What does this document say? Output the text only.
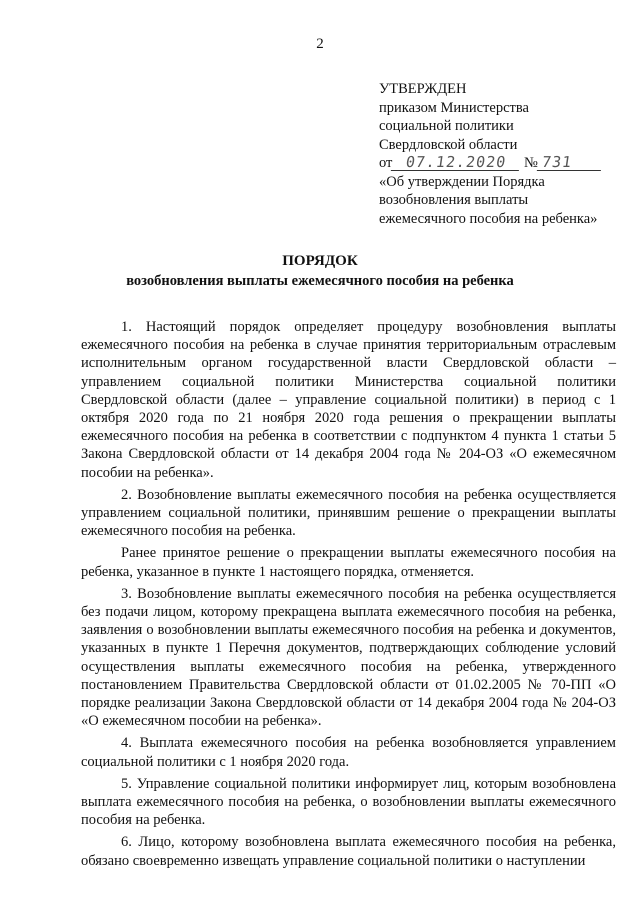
2
УТВЕРЖДЕН
приказом Министерства
социальной политики
Свердловской области
от 07.12.2020 № 731
«Об утверждении Порядка
возобновления выплаты
ежемесячного пособия на ребенка»
ПОРЯДОК
возобновления выплаты ежемесячного пособия на ребенка

1. Настоящий порядок определяет процедуру возобновления выплаты ежемесячного пособия на ребенка в случае принятия территориальным отраслевым исполнительным органом государственной власти Свердловской области – управлением социальной политики Министерства социальной политики Свердловской области (далее – управление социальной политики) в период с 1 октября 2020 года по 21 ноября 2020 года решения о прекращении выплаты ежемесячного пособия на ребенка в соответствии с подпунктом 4 пункта 1 статьи 5 Закона Свердловской области от 14 декабря 2004 года № 204-ОЗ «О ежемесячном пособии на ребенка».

2. Возобновление выплаты ежемесячного пособия на ребенка осуществляется управлением социальной политики, принявшим решение о прекращении выплаты ежемесячного пособия на ребенка.

Ранее принятое решение о прекращении выплаты ежемесячного пособия на ребенка, указанное в пункте 1 настоящего порядка, отменяется.

3. Возобновление выплаты ежемесячного пособия на ребенка осуществляется без подачи лицом, которому прекращена выплата ежемесячного пособия на ребенка, заявления о возобновлении выплаты ежемесячного пособия на ребенка и документов, указанных в пункте 1 Перечня документов, подтверждающих соблюдение условий осуществления выплаты ежемесячного пособия на ребенка, утвержденного постановлением Правительства Свердловской области от 01.02.2005 № 70-ПП «О порядке реализации Закона Свердловской области от 14 декабря 2004 года № 204-ОЗ «О ежемесячном пособии на ребенка».

4. Выплата ежемесячного пособия на ребенка возобновляется управлением социальной политики с 1 ноября 2020 года.

5. Управление социальной политики информирует лиц, которым возобновлена выплата ежемесячного пособия на ребенка, о возобновлении выплаты ежемесячного пособия на ребенка.

6. Лицо, которому возобновлена выплата ежемесячного пособия на ребенка, обязано своевременно извещать управление социальной политики о наступлении
